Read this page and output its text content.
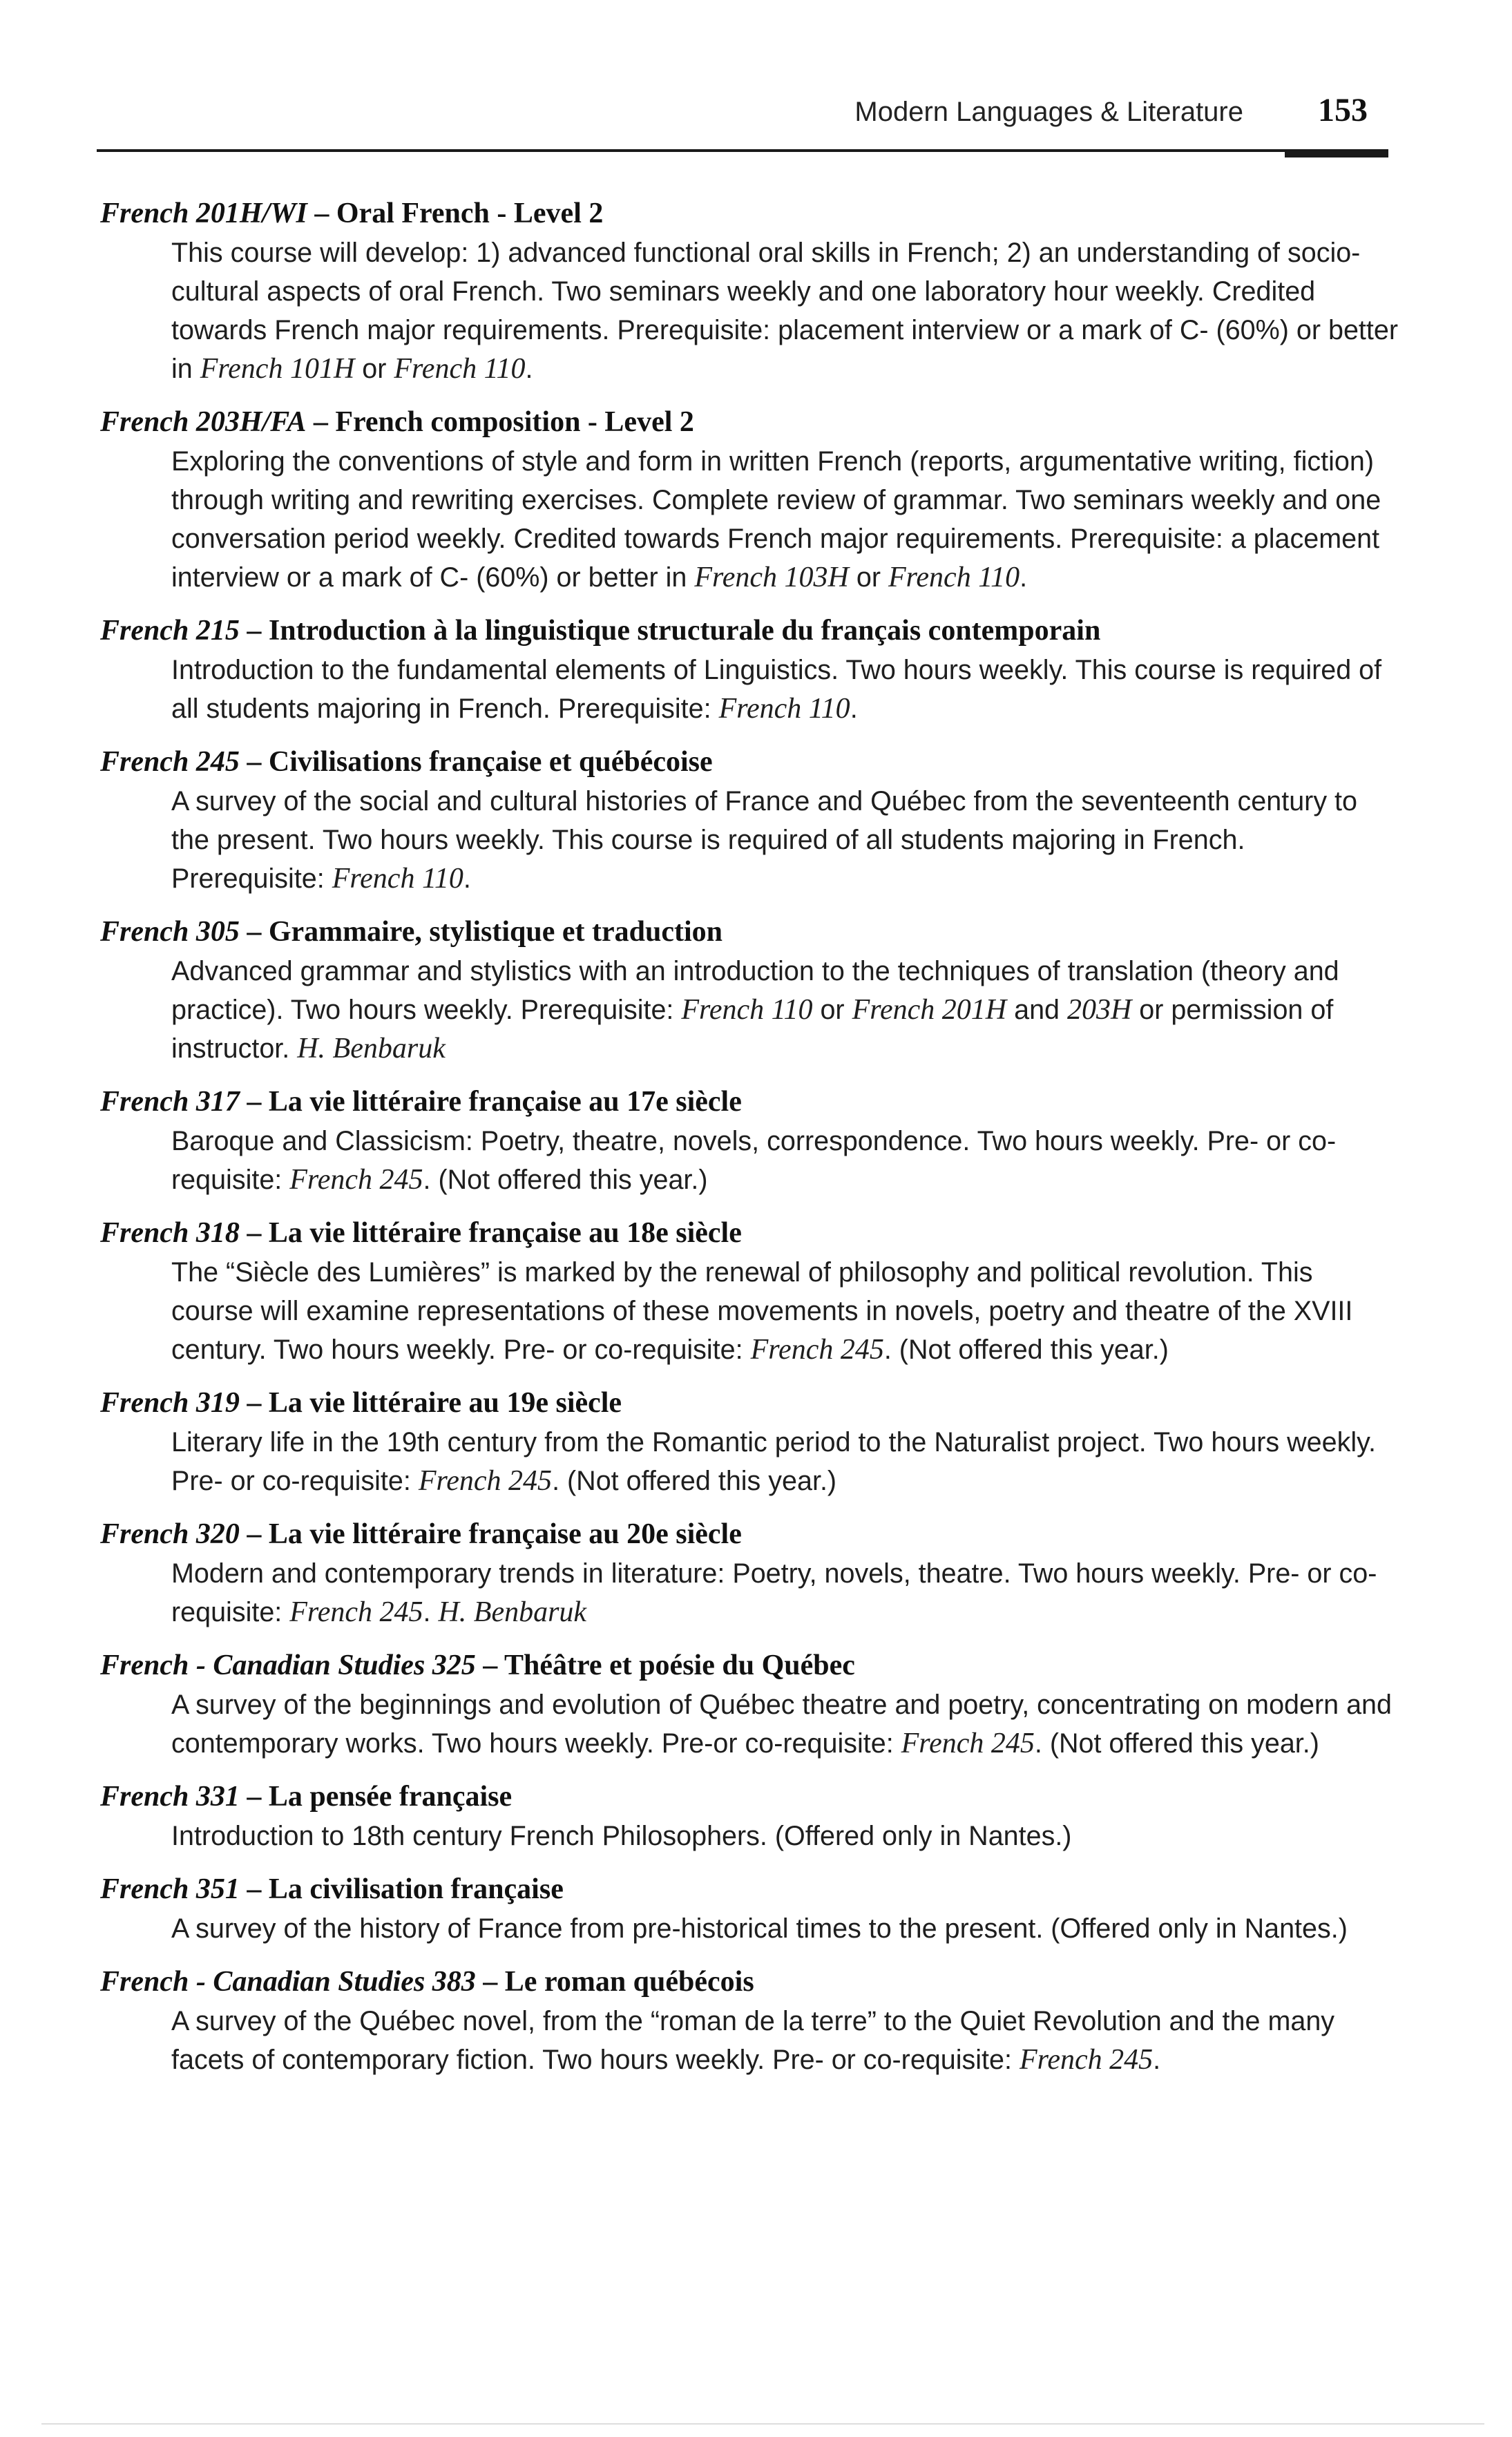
Modern Languages & Literature 153
French 201H/WI – Oral French - Level 2
This course will develop: 1) advanced functional oral skills in French; 2) an understanding of socio-cultural aspects of oral French. Two seminars weekly and one laboratory hour weekly. Credited towards French major requirements. Prerequisite: placement interview or a mark of C- (60%) or better in French 101H or French 110.
French 203H/FA – French composition - Level 2
Exploring the conventions of style and form in written French (reports, argumentative writing, fiction) through writing and rewriting exercises. Complete review of grammar. Two seminars weekly and one conversation period weekly. Credited towards French major requirements. Prerequisite: a placement interview or a mark of C- (60%) or better in French 103H or French 110.
French 215 – Introduction à la linguistique structurale du français contemporain
Introduction to the fundamental elements of Linguistics. Two hours weekly. This course is required of all students majoring in French. Prerequisite: French 110.
French 245 – Civilisations française et québécoise
A survey of the social and cultural histories of France and Québec from the seventeenth century to the present. Two hours weekly. This course is required of all students majoring in French. Prerequisite: French 110.
French 305 – Grammaire, stylistique et traduction
Advanced grammar and stylistics with an introduction to the techniques of translation (theory and practice). Two hours weekly. Prerequisite: French 110 or French 201H and 203H or permission of instructor. H. Benbaruk
French 317 – La vie littéraire française au 17e siècle
Baroque and Classicism: Poetry, theatre, novels, correspondence. Two hours weekly. Pre- or co-requisite: French 245. (Not offered this year.)
French 318 – La vie littéraire française au 18e siècle
The “Siècle des Lumières” is marked by the renewal of philosophy and political revolution. This course will examine representations of these movements in novels, poetry and theatre of the XVIII century. Two hours weekly. Pre- or co-requisite: French 245. (Not offered this year.)
French 319 – La vie littéraire au 19e siècle
Literary life in the 19th century from the Romantic period to the Naturalist project. Two hours weekly. Pre- or co-requisite: French 245. (Not offered this year.)
French 320 – La vie littéraire française au 20e siècle
Modern and contemporary trends in literature: Poetry, novels, theatre. Two hours weekly. Pre- or co-requisite: French 245. H. Benbaruk
French - Canadian Studies 325 – Théâtre et poésie du Québec
A survey of the beginnings and evolution of Québec theatre and poetry, concentrating on modern and contemporary works. Two hours weekly. Pre-or co-requisite: French 245. (Not offered this year.)
French 331 – La pensée française
Introduction to 18th century French Philosophers. (Offered only in Nantes.)
French 351 – La civilisation française
A survey of the history of France from pre-historical times to the present. (Offered only in Nantes.)
French - Canadian Studies 383 – Le roman québécois
A survey of the Québec novel, from the “roman de la terre” to the Quiet Revolution and the many facets of contemporary fiction. Two hours weekly. Pre- or co-requisite: French 245.
